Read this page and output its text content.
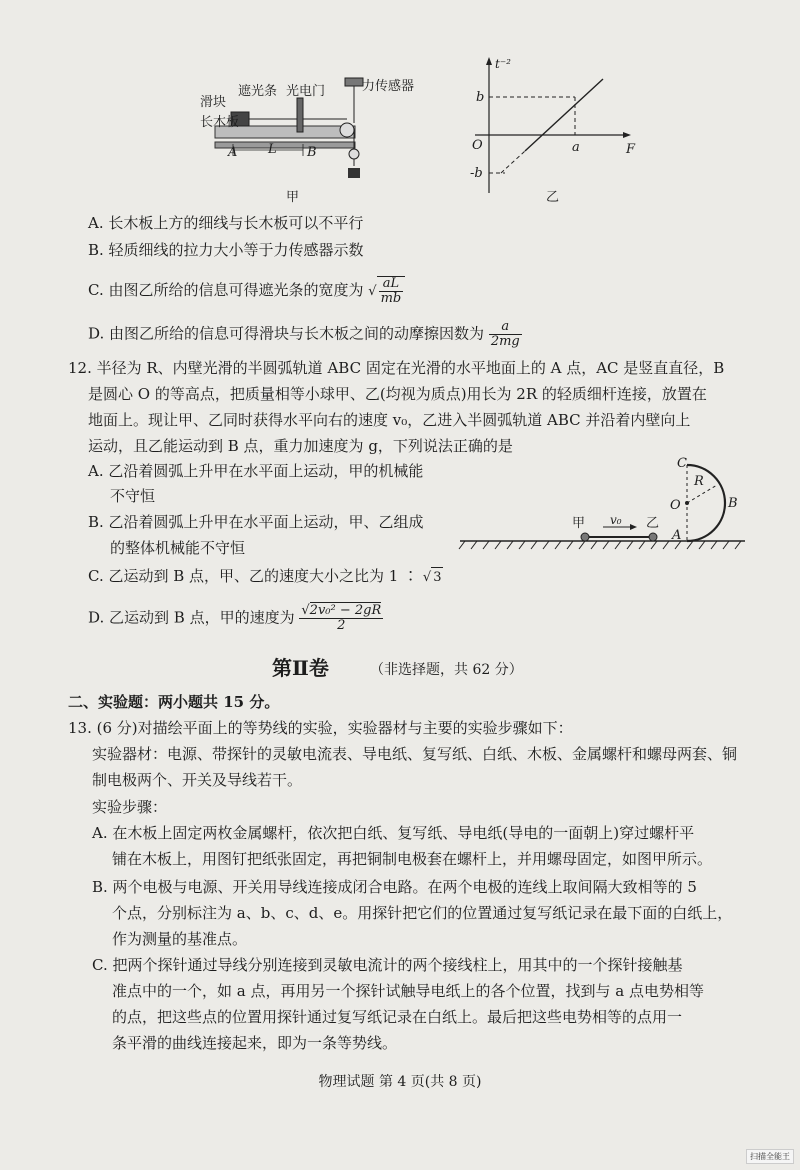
滑块
遮光条
长木板
光电门	力传感器
A L B
甲
t⁻²
F
b
-b
a
O
乙
A. 长木板上方的细线与长木板可以不平行
B. 轻质细线的拉力大小等于力传感器示数
C. 由图乙所给的信息可得遮光条的宽度为 √ $\frac{aL}{mb}$
D. 由图乙所给的信息可得滑块与长木板之间的动摩擦因数为 $\frac{a}{2mg}$
12. 半径为 R、内壁光滑的半圆弧轨道 ABC 固定在光滑的水平地面上的 A 点，AC 是竖直直径，B
是圆心 O 的等高点，把质量相等小球甲、乙(均视为质点)用长为 2R 的轻质细杆连接，放置在
地面上。现让甲、乙同时获得水平向右的速度 v₀，乙进入半圆弧轨道 ABC 并沿着内壁向上
运动，且乙能运动到 B 点，重力加速度为 g，下列说法正确的是
A. 乙沿着圆弧上升甲在水平面上运动，甲的机械能
不守恒
B. 乙沿着圆弧上升甲在水平面上运动，甲、乙组成
的整体机械能不守恒
C. 乙运动到 B 点，甲、乙的速度大小之比为 1 ∶ √ 3
D. 乙运动到 B 点，甲的速度为 $\frac{\text{√2v₀² − 2gR}}{2}$
C
R
O	B
A
甲 v₀ 乙
第Ⅱ卷	（非选择题，共 62 分）
二、实验题：两小题共 15 分。
13. (6 分)对描绘平面上的等势线的实验，实验器材与主要的实验步骤如下：
实验器材：电源、带探针的灵敏电流表、导电纸、复写纸、白纸、木板、金属螺杆和螺母两套、铜
制电极两个、开关及导线若干。
实验步骤：
A. 在木板上固定两枚金属螺杆，依次把白纸、复写纸、导电纸(导电的一面朝上)穿过螺杆平
铺在木板上，用图钉把纸张固定，再把铜制电极套在螺杆上，并用螺母固定，如图甲所示。
B. 两个电极与电源、开关用导线连接成闭合电路。在两个电极的连线上取间隔大致相等的 5
个点，分别标注为 a、b、c、d、e。用探针把它们的位置通过复写纸记录在最下面的白纸上，
作为测量的基准点。
C. 把两个探针通过导线分别连接到灵敏电流计的两个接线柱上，用其中的一个探针接触基
准点中的一个，如 a 点，再用另一个探针试触导电纸上的各个位置，找到与 a 点电势相等
的点，把这些点的位置用探针通过复写纸记录在白纸上。最后把这些电势相等的点用一
条平滑的曲线连接起来，即为一条等势线。
物理试题 第 4 页(共 8 页)
扫描全能王
